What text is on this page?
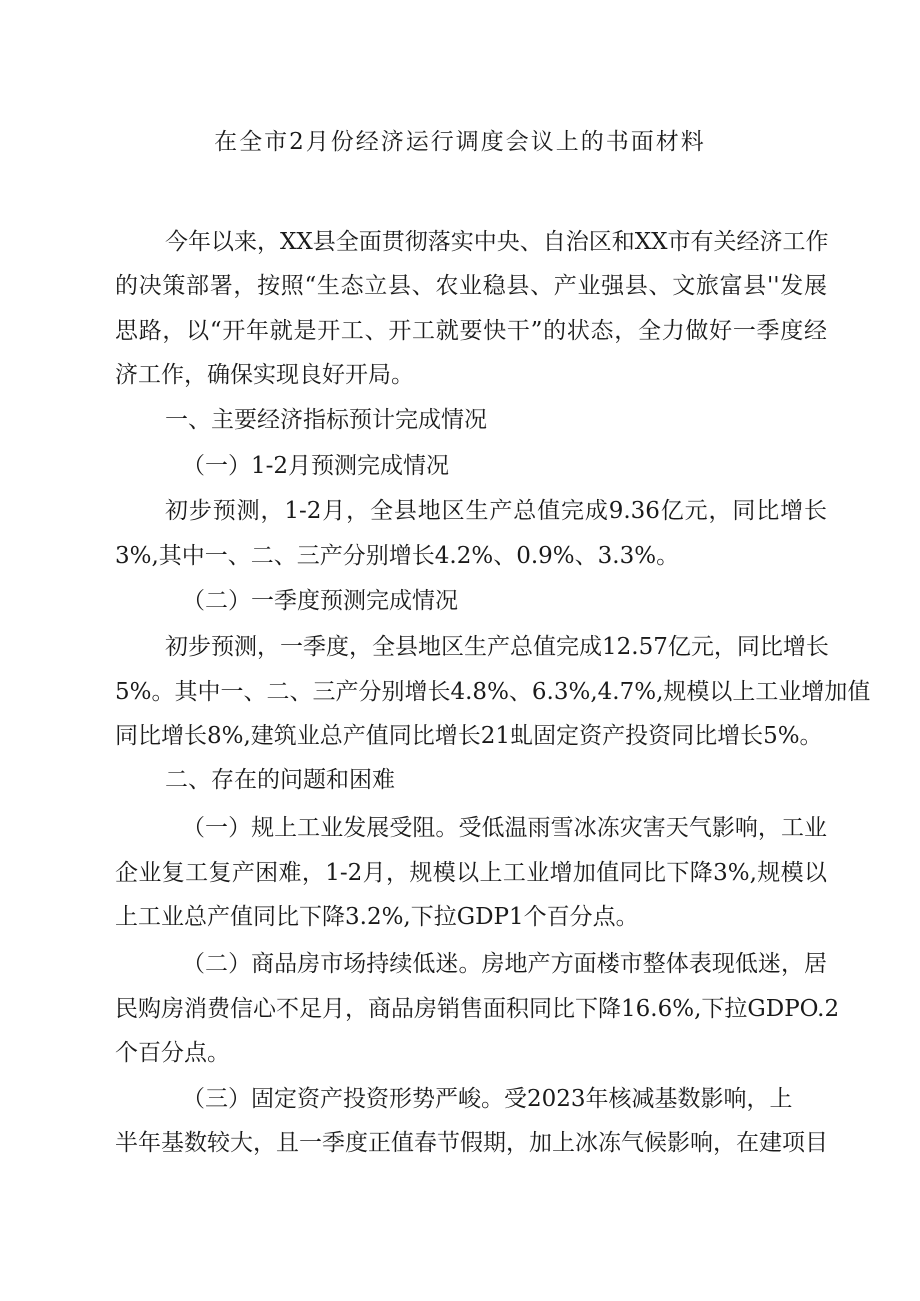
在全市2月份经济运行调度会议上的书面材料
今年以来，XX县全面贯彻落实中央、自治区和XX市有关经济工作
的决策部署，按照“生态立县、农业稳县、产业强县、文旅富县''发展
思路，以“开年就是开工、开工就要快干”的状态，全力做好一季度经
济工作，确保实现良好开局。
一、主要经济指标预计完成情况
（一）1-2月预测完成情况
初步预测，1-2月，全县地区生产总值完成9.36亿元，同比增长
3%,其中一、二、三产分别增长4.2%、0.9%、3.3%。
（二）一季度预测完成情况
初步预测，一季度，全县地区生产总值完成12.57亿元，同比增长
5%。其中一、二、三产分别增长4.8%、6.3%,4.7%,规模以上工业增加值
同比增长8%,建筑业总产值同比增长21虬固定资产投资同比增长5%。
二、存在的问题和困难
（一）规上工业发展受阻。受低温雨雪冰冻灾害天气影响，工业
企业复工复产困难，1-2月，规模以上工业增加值同比下降3%,规模以
上工业总产值同比下降3.2%,下拉GDP1个百分点。
（二）商品房市场持续低迷。房地产方面楼市整体表现低迷，居
民购房消费信心不足月，商品房销售面积同比下降16.6%,下拉GDPO.2
个百分点。
（三）固定资产投资形势严峻。受2023年核减基数影响，上
半年基数较大，且一季度正值春节假期，加上冰冻气候影响，在建项目
